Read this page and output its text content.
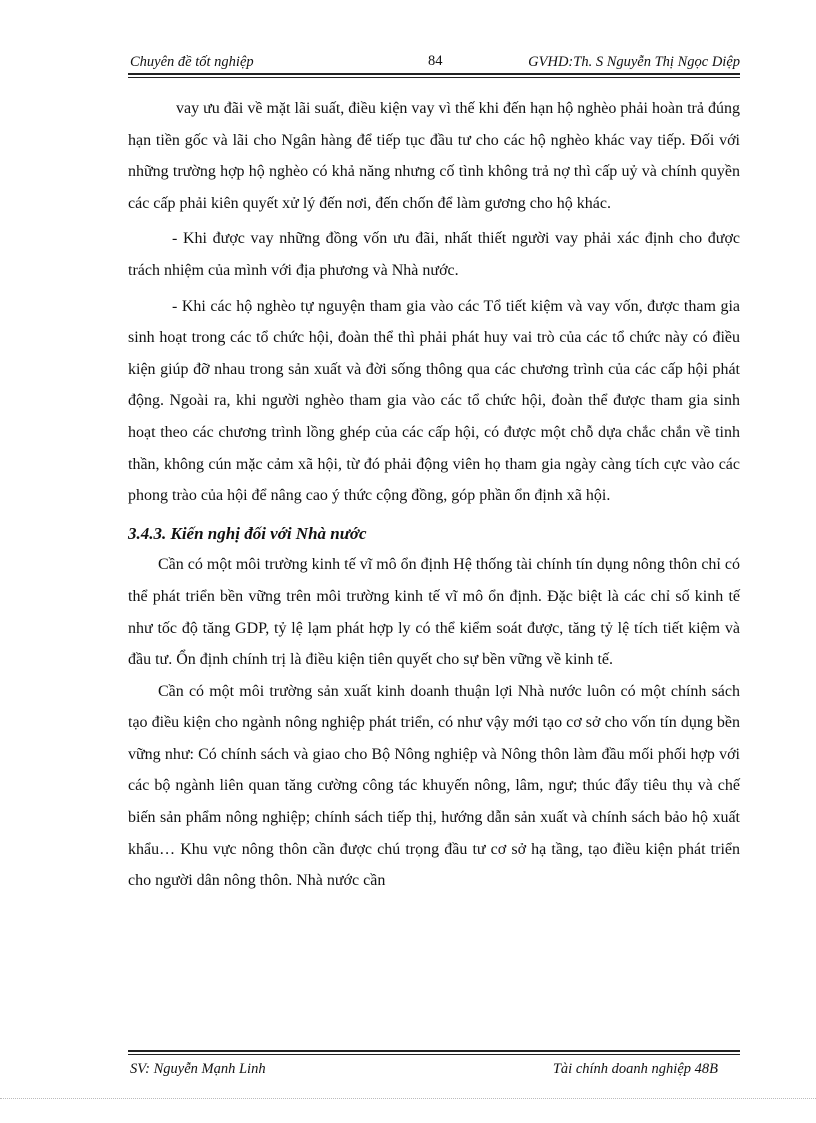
Chuyên đề tốt nghiệp	84	GVHD:Th. S Nguyễn Thị Ngọc Diệp

vay ưu đãi về mặt lãi suất, điều kiện vay vì thế khi đến hạn hộ nghèo phải hoàn trả đúng hạn tiền gốc và lãi cho Ngân hàng để tiếp tục đầu tư cho các hộ nghèo khác vay tiếp. Đối với những trường hợp hộ nghèo có khả năng nhưng cố tình không trả nợ thì cấp uỷ và chính quyền các cấp phải kiên quyết xử lý đến nơi, đến chốn để làm gương cho hộ khác.

- Khi được vay những đồng vốn ưu đãi, nhất thiết người vay phải xác định cho được trách nhiệm của mình với địa phương và Nhà nước.

- Khi các hộ nghèo tự nguyện tham gia vào các Tổ tiết kiệm và vay vốn, được tham gia sinh hoạt trong các tổ chức hội, đoàn thể thì phải phát huy vai trò của các tổ chức này có điều kiện giúp đỡ nhau trong sản xuất và đời sống thông qua các chương trình của các cấp hội phát động. Ngoài ra, khi người nghèo tham gia vào các tổ chức hội, đoàn thể được tham gia sinh hoạt theo các chương trình lồng ghép của các cấp hội, có được một chỗ dựa chắc chắn về tinh thần, không cún mặc cảm xã hội, từ đó phải động viên họ tham gia ngày càng tích cực vào các phong trào của hội để nâng cao ý thức cộng đồng, góp phần ổn định xã hội.

3.4.3. Kiến nghị đối với Nhà nước

Cần có một môi trường kinh tế vĩ mô ổn định Hệ thống tài chính tín dụng nông thôn chỉ có thể phát triển bền vững trên môi trường kinh tế vĩ mô ổn định. Đặc biệt là các chỉ số kinh tế như tốc độ tăng GDP, tỷ lệ lạm phát hợp ly có thể kiểm soát được, tăng tỷ lệ tích tiết kiệm và đầu tư. Ổn định chính trị là điều kiện tiên quyết cho sự bền vững về kinh tế.

Cần có một môi trường sản xuất kinh doanh thuận lợi Nhà nước luôn có một chính sách tạo điều kiện cho ngành nông nghiệp phát triển, có như vậy mới tạo cơ sở cho vốn tín dụng bền vững như: Có chính sách và giao cho Bộ Nông nghiệp và Nông thôn làm đầu mối phối hợp với các bộ ngành liên quan tăng cường công tác khuyến nông, lâm, ngư; thúc đẩy tiêu thụ và chế biến sản phẩm nông nghiệp; chính sách tiếp thị, hướng dẫn sản xuất và chính sách bảo hộ xuất khẩu… Khu vực nông thôn cần được chú trọng đầu tư cơ sở hạ tầng, tạo điều kiện phát triển cho người dân nông thôn. Nhà nước cần

SV: Nguyễn Mạnh Linh	Tài chính doanh nghiệp 48B
